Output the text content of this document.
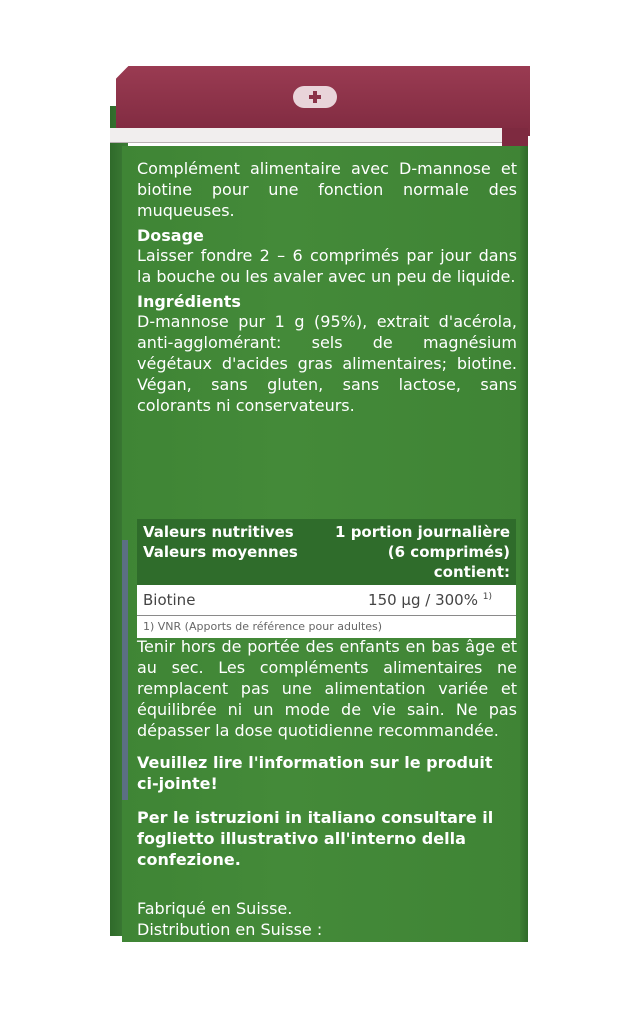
Complément alimentaire avec D-mannose et biotine pour une fonction normale des muqueuses.
Dosage
Laisser fondre 2 – 6 comprimés par jour dans la bouche ou les avaler avec un peu de liquide.
Ingrédients
D-mannose pur 1 g (95%), extrait d'acérola, anti-agglomérant: sels de magnésium végétaux d'acides gras alimentaires; biotine. Végan, sans gluten, sans lactose, sans colorants ni conservateurs.
Valeurs nutritives
Valeurs moyennes
1 portion journalière
(6 comprimés) contient:
Biotine	150 µg / 300% $^{1)}$
1) VNR (Apports de référence pour adultes)
Tenir hors de portée des enfants en bas âge et au sec. Les compléments alimentaires ne remplacent pas une alimentation variée et équilibrée ni un mode de vie sain. Ne pas dépasser la dose quotidienne recommandée.
Veuillez lire l'information sur le produit ci-jointe!
Per le istruzioni in italiano consultare il foglietto illustrativo all'interno della confezione.
Fabriqué en Suisse.
Distribution en Suisse :
Alpinamed AG, CH-9306 Freidorf
Distribution Autriche :
Gebro Pharma GmbH, A-6391 Fieberbrunn
